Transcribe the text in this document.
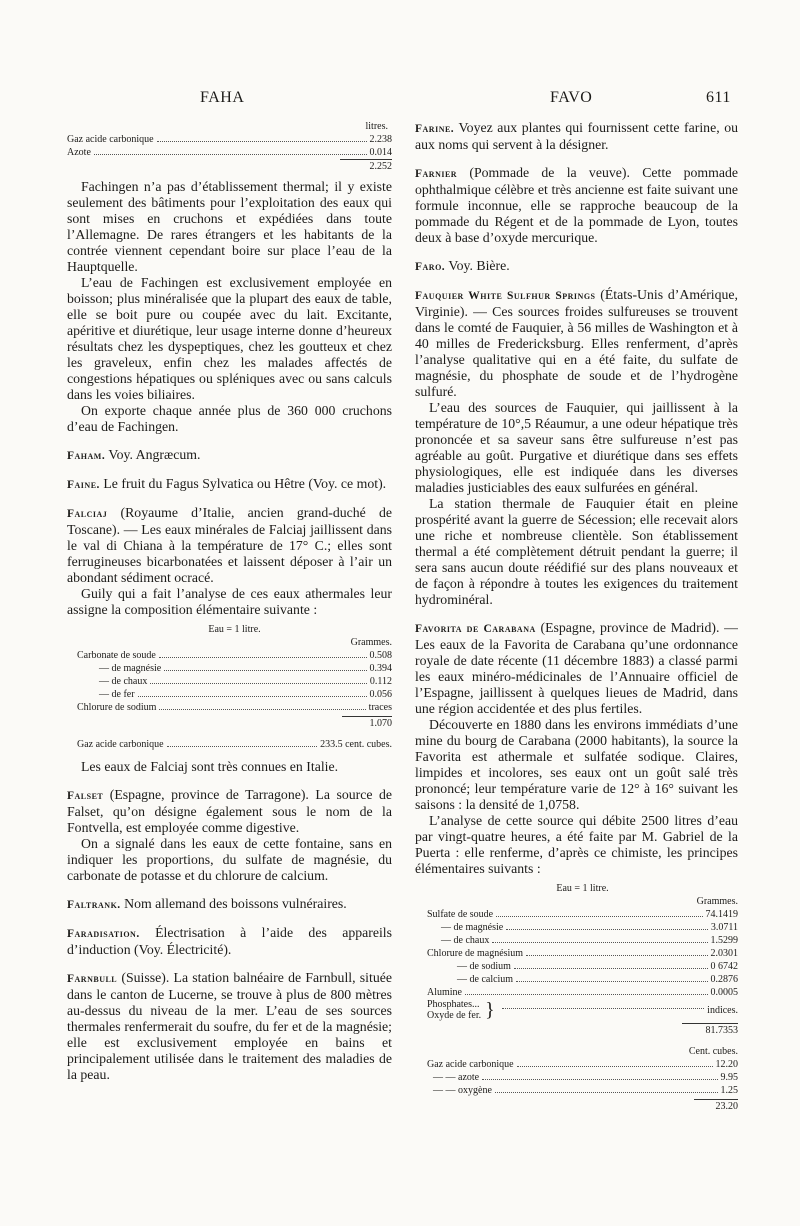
FAHA	FAVO	611
litres.
Gaz acide carbonique	2.238
Azote	0.014
2.252

Fachingen n’a pas d’établissement thermal; il y existe seulement des bâtiments pour l’exploitation des eaux qui sont mises en cruchons et expédiées dans toute l’Allemagne. De rares étrangers et les habitants de la contrée viennent cependant boire sur place l’eau de la Hauptquelle.

L’eau de Fachingen est exclusivement employée en boisson; plus minéralisée que la plupart des eaux de table, elle se boit pure ou coupée avec du lait. Excitante, apéritive et diurétique, leur usage interne donne d’heureux résultats chez les dyspeptiques, chez les goutteux et chez les graveleux, enfin chez les malades affectés de congestions hépatiques ou spléniques avec ou sans calculs dans les voies biliaires.

On exporte chaque année plus de 360 000 cruchons d’eau de Fachingen.

Faham. Voy. Angræcum.

Faine. Le fruit du Fagus Sylvatica ou Hêtre (Voy. ce mot).

Falciaj (Royaume d’Italie, ancien grand-duché de Toscane). — Les eaux minérales de Falciaj jaillissent dans le val di Chiana à la température de 17° C.; elles sont ferrugineuses bicarbonatées et laissent déposer à l’air un abondant sédiment ocracé.

Guily qui a fait l’analyse de ces eaux athermales leur assigne la composition élémentaire suivante :

Eau = 1 litre.
Grammes.
Carbonate de soude	0.508
— de magnésie	0.394
— de chaux	0.112
— de fer	0.056
Chlorure de sodium	traces
1.070
Gaz acide carbonique	233.5 cent. cubes.

Les eaux de Falciaj sont très connues en Italie.

Falset (Espagne, province de Tarragone). La source de Falset, qu’on désigne également sous le nom de la Fontvella, est employée comme digestive.

On a signalé dans les eaux de cette fontaine, sans en indiquer les proportions, du sulfate de magnésie, du carbonate de potasse et du chlorure de calcium.

Faltrank. Nom allemand des boissons vulnéraires.

Faradisation. Électrisation à l’aide des appareils d’induction (Voy. Électricité).

Farnbull (Suisse). La station balnéaire de Farnbull, située dans le canton de Lucerne, se trouve à plus de 800 mètres au-dessus du niveau de la mer. L’eau de ses sources thermales renfermerait du soufre, du fer et de la magnésie; elle est exclusivement employée en bains et principalement utilisée dans le traitement des maladies de la peau.

Farine. Voyez aux plantes qui fournissent cette farine, ou aux noms qui servent à la désigner.

Farnier (Pommade de la veuve). Cette pommade ophthalmique célèbre et très ancienne est faite suivant une formule inconnue, elle se rapproche beaucoup de la pommade du Régent et de la pommade de Lyon, toutes deux à base d’oxyde mercurique.

Faro. Voy. Bière.

Fauquier White Sulfhur Springs (États-Unis d’Amérique, Virginie). — Ces sources froides sulfureuses se trouvent dans le comté de Fauquier, à 56 milles de Washington et à 40 milles de Fredericksburg. Elles renferment, d’après l’analyse qualitative qui en a été faite, du sulfate de magnésie, du phosphate de soude et de l’hydrogène sulfuré.

L’eau des sources de Fauquier, qui jaillissent à la température de 10°,5 Réaumur, a une odeur hépatique très prononcée et sa saveur sans être sulfureuse n’est pas agréable au goût. Purgative et diurétique dans ses effets physiologiques, elle est indiquée dans les diverses maladies justiciables des eaux sulfurées en général.

La station thermale de Fauquier était en pleine prospérité avant la guerre de Sécession; elle recevait alors une riche et nombreuse clientèle. Son établissement thermal a été complètement détruit pendant la guerre; il sera sans aucun doute réédifié sur des plans nouveaux et de façon à répondre à toutes les exigences du traitement hydrominéral.

Favorita de Carabana (Espagne, province de Madrid). — Les eaux de la Favorita de Carabana qu’une ordonnance royale de date récente (11 décembre 1883) a classé parmi les eaux minéro-médicinales de l’Annuaire officiel de l’Espagne, jaillissent à quelques lieues de Madrid, dans une région accidentée et des plus fertiles.

Découverte en 1880 dans les environs immédiats d’une mine du bourg de Carabana (2000 habitants), la source la Favorita est athermale et sulfatée sodique. Claires, limpides et incolores, ses eaux ont un goût salé très prononcé; leur température varie de 12° à 16° suivant les saisons : la densité de 1,0758.

L’analyse de cette source qui débite 2500 litres d’eau par vingt-quatre heures, a été faite par M. Gabriel de la Puerta : elle renferme, d’après ce chimiste, les principes élémentaires suivants :

Eau = 1 litre.
Grammes.
Sulfate de soude	74.1419
— de magnésie	3.0711
— de chaux	1.5299
Chlorure de magnésium	2.0301
— de sodium	0 6742
— de calcium	0.2876
Alumine	0.0005
Phosphates...
Oxyde de fer. }	indices.
81.7353
Cent. cubes.
Gaz acide carbonique	12.20
— — azote	9.95
— — oxygène	1.25
23.20
